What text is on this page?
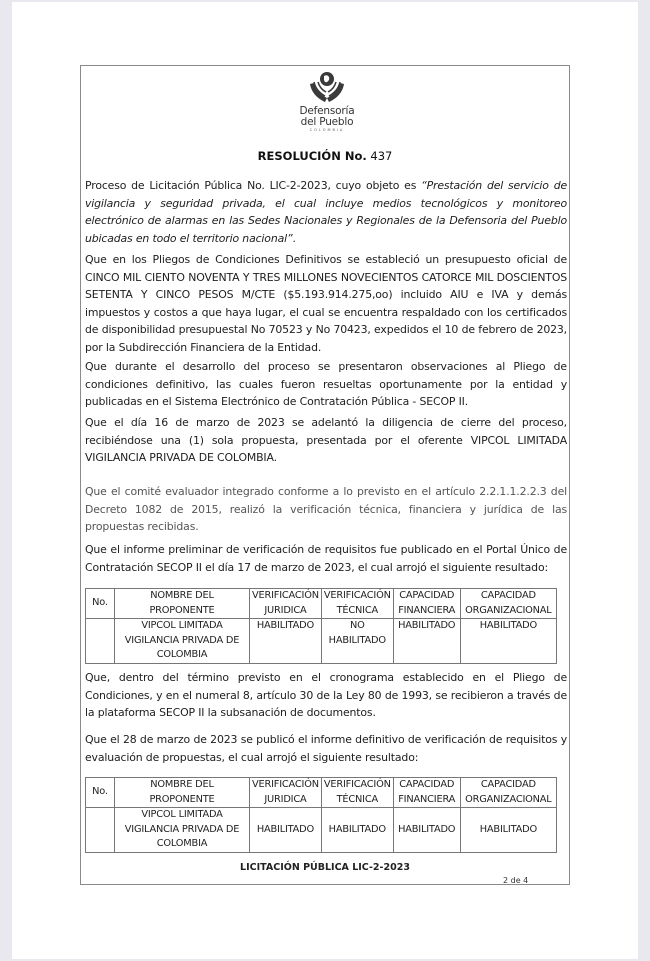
Defensoría
del Pueblo
COLOMBIA
RESOLUCIÓN No. 437
Proceso de Licitación Pública No. LIC-2-2023, cuyo objeto es “Prestación del servicio de vigilancia y seguridad privada, el cual incluye medios tecnológicos y monitoreo electrónico de alarmas en las Sedes Nacionales y Regionales de la Defensoria del Pueblo ubicadas en todo el territorio nacional”.
Que en los Pliegos de Condiciones Definitivos se estableció un presupuesto oficial de CINCO MIL CIENTO NOVENTA Y TRES MILLONES NOVECIENTOS CATORCE MIL DOSCIENTOS SETENTA Y CINCO PESOS M/CTE ($5.193.914.275,oo) incluido AIU e IVA y demás impuestos y costos a que haya lugar, el cual se encuentra respaldado con los certificados de disponibilidad presupuestal No 70523 y No 70423, expedidos el 10 de febrero de 2023, por la Subdirección Financiera de la Entidad.
Que durante el desarrollo del proceso se presentaron observaciones al Pliego de condiciones definitivo, las cuales fueron resueltas oportunamente por la entidad y publicadas en el Sistema Electrónico de Contratación Pública - SECOP II.
Que el día 16 de marzo de 2023 se adelantó la diligencia de cierre del proceso, recibiéndose una (1) sola propuesta, presentada por el oferente VIPCOL LIMITADA VIGILANCIA PRIVADA DE COLOMBIA.
Que el comité evaluador integrado conforme a lo previsto en el artículo 2.2.1.1.2.2.3 del Decreto 1082 de 2015, realizó la verificación técnica, financiera y jurídica de las propuestas recibidas.
Que el informe preliminar de verificación de requisitos fue publicado en el Portal Único de Contratación SECOP II el día 17 de marzo de 2023, el cual arrojó el siguiente resultado:
No.	NOMBRE DEL PROPONENTE	VERIFICACIÓN JURIDICA	VERIFICACIÓN TÉCNICA	CAPACIDAD FINANCIERA	CAPACIDAD ORGANIZACIONAL
	VIPCOL LIMITADA VIGILANCIA PRIVADA DE COLOMBIA	HABILITADO	NO HABILITADO	HABILITADO	HABILITADO
Que, dentro del término previsto en el cronograma establecido en el Pliego de Condiciones, y en el numeral 8, artículo 30 de la Ley 80 de 1993, se recibieron a través de la plataforma SECOP II la subsanación de documentos.
Que el 28 de marzo de 2023 se publicó el informe definitivo de verificación de requisitos y evaluación de propuestas, el cual arrojó el siguiente resultado:
No.	NOMBRE DEL PROPONENTE	VERIFICACIÓN JURIDICA	VERIFICACIÓN TÉCNICA	CAPACIDAD FINANCIERA	CAPACIDAD ORGANIZACIONAL
	VIPCOL LIMITADA VIGILANCIA PRIVADA DE COLOMBIA	HABILITADO	HABILITADO	HABILITADO	HABILITADO
LICITACIÓN PÚBLICA LIC-2-2023
2 de 4
